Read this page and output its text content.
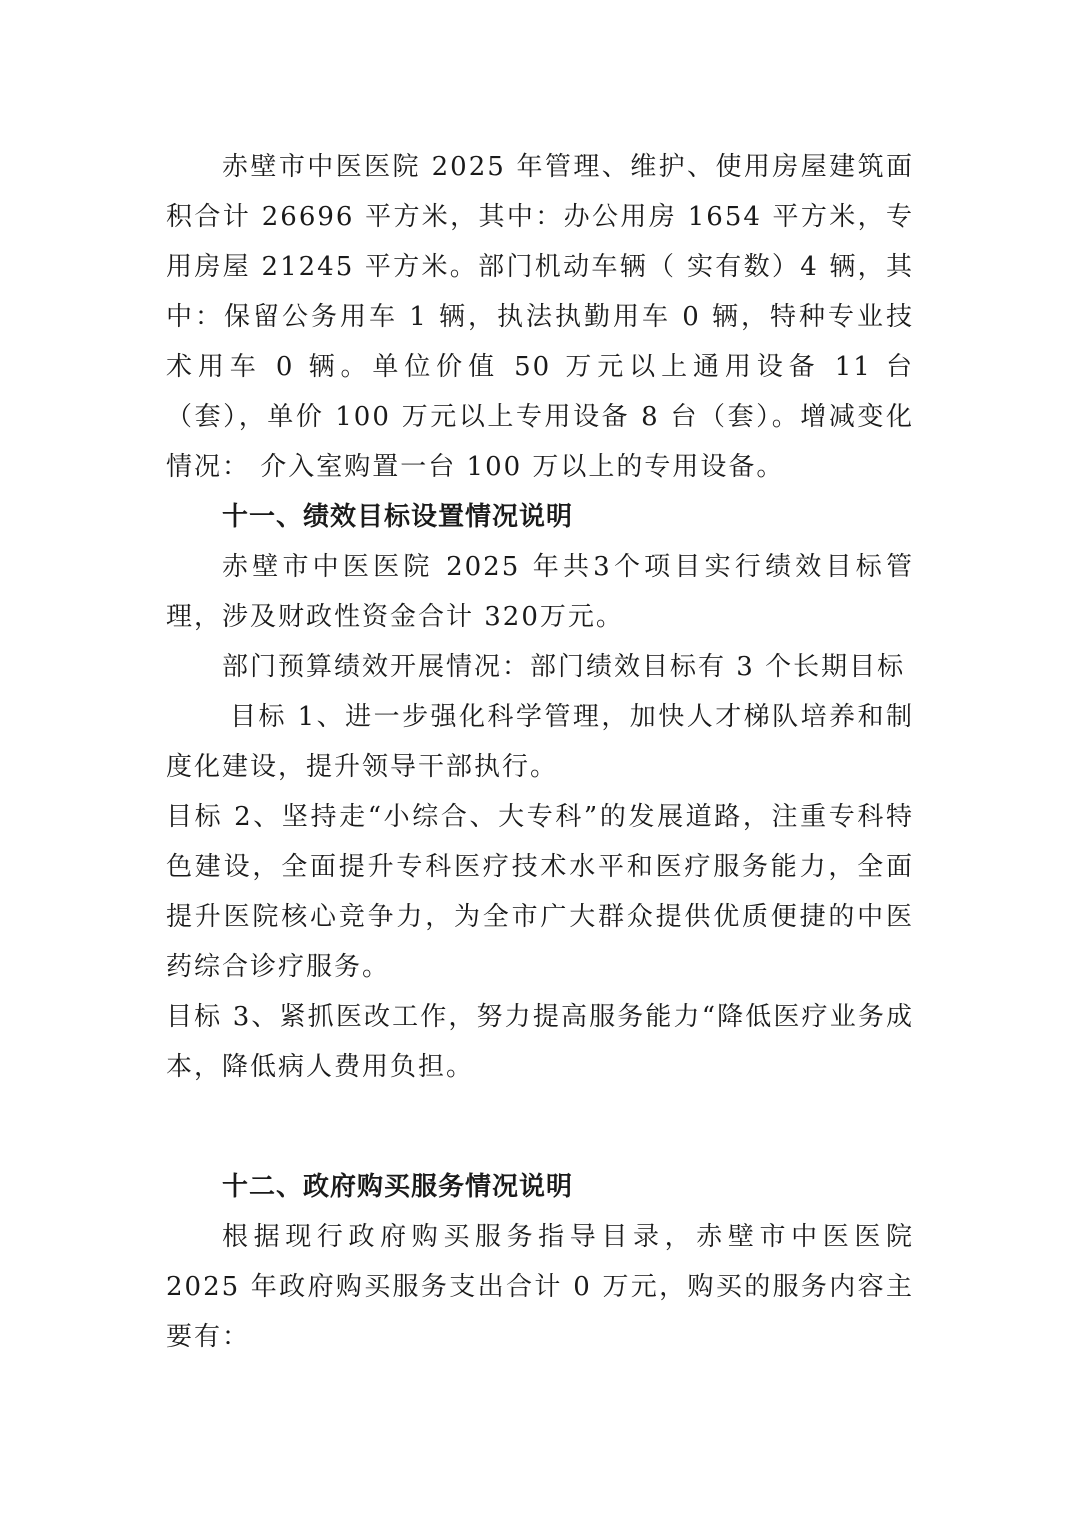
赤壁市中医医院 2025 年管理、维护、使用房屋建筑面积合计 26696 平方米，其中：办公用房 1654 平方米，专用房屋 21245 平方米。部门机动车辆（ 实有数）4 辆，其中：保留公务用车 1 辆，执法执勤用车 0 辆，特种专业技术用车 0 辆。单位价值 50 万元以上通用设备 11 台（套），单价 100 万元以上专用设备 8 台（套）。增减变化情况： 介入室购置一台 100 万以上的专用设备。

十一、绩效目标设置情况说明

赤壁市中医医院 2025 年共3个项目实行绩效目标管理，涉及财政性资金合计 320万元。

部门预算绩效开展情况：部门绩效目标有 3 个长期目标

目标 1、进一步强化科学管理，加快人才梯队培养和制度化建设，提升领导干部执行。

目标 2、坚持走“小综合、大专科”的发展道路，注重专科特色建设，全面提升专科医疗技术水平和医疗服务能力，全面提升医院核心竞争力，为全市广大群众提供优质便捷的中医药综合诊疗服务。

目标 3、紧抓医改工作，努力提高服务能力“降低医疗业务成本，降低病人费用负担。

十二、政府购买服务情况说明

根据现行政府购买服务指导目录，赤壁市中医医院 2025 年政府购买服务支出合计 0 万元，购买的服务内容主要有：
